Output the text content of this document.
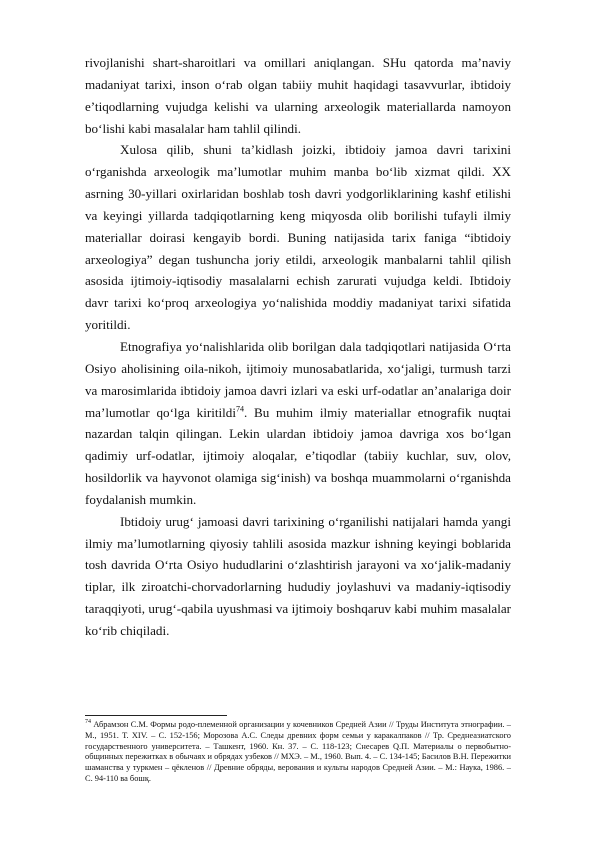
rivojlanishi shart-sharoitlari va omillari aniqlangan. SHu qatorda ma’naviy madaniyat tarixi, inson o‘rab olgan tabiiy muhit haqidagi tasavvurlar, ibtidoiy e’tiqodlarning vujudga kelishi va ularning arxeologik materiallarda namoyon bo‘lishi kabi masalalar ham tahlil qilindi.

Xulosa qilib, shuni ta’kidlash joizki, ibtidoiy jamoa davri tarixini o‘rganishda arxeologik ma’lumotlar muhim manba bo‘lib xizmat qildi. XX asrning 30-yillari oxirlaridan boshlab tosh davri yodgorliklarining kashf etilishi va keyingi yillarda tadqiqotlarning keng miqyosda olib borilishi tufayli ilmiy materiallar doirasi kengayib bordi. Buning natijasida tarix faniga “ibtidoiy arxeologiya” degan tushuncha joriy etildi, arxeologik manbalarni tahlil qilish asosida ijtimoiy-iqtisodiy masalalarni echish zarurati vujudga keldi. Ibtidoiy davr tarixi ko‘proq arxeologiya yo‘nalishida moddiy madaniyat tarixi sifatida yoritildi.

Etnografiya yo‘nalishlarida olib borilgan dala tadqiqotlari natijasida O‘rta Osiyo aholisining oila-nikoh, ijtimoiy munosabatlarida, xo‘jaligi, turmush tarzi va marosimlarida ibtidoiy jamoa davri izlari va eski urf-odatlar an’analariga doir ma’lumotlar qo‘lga kiritildi$^{74}$. Bu muhim ilmiy materiallar etnografik nuqtai nazardan talqin qilingan. Lekin ulardan ibtidoiy jamoa davriga xos bo‘lgan qadimiy urf-odatlar, ijtimoiy aloqalar, e’tiqodlar (tabiiy kuchlar, suv, olov, hosildorlik va hayvonot olamiga sig‘inish) va boshqa muammolarni o‘rganishda foydalanish mumkin.

Ibtidoiy urug‘ jamoasi davri tarixining o‘rganilishi natijalari hamda yangi ilmiy ma’lumotlarning qiyosiy tahlili asosida mazkur ishning keyingi boblarida tosh davrida O‘rta Osiyo hududlarini o‘zlashtirish jarayoni va xo‘jalik-madaniy tiplar, ilk ziroatchi-chorvadorlarning hududiy joylashuvi va madaniy-iqtisodiy taraqqiyoti, urug‘-qabila uyushmasi va ijtimoiy boshqaruv kabi muhim masalalar ko‘rib chiqiladi.

$^{74}$ Абрамзон С.М. Формы родо-племенной организации у кочевников Средней Азии // Труды Института этнографии. – М., 1951. Т. XIV. – С. 152-156; Морозова А.С. Следы древних форм семьи у каракалпаков // Тр. Среднеазиатского государственного университета. – Ташкент, 1960. Кн. 37. – С. 118-123; Снесарев Q.П. Материалы о первобытно-общинных пережитках в обычаях и обрядах узбеков // МХЭ. – М., 1960. Вып. 4. – С. 134-145; Басилов В.Н. Пережитки шаманства у туркмен – qёклeнов // Древние обряды, верования и культы народов Средней Азии. – М.: Наука, 1986. – С. 94-110 ва бошқ.
